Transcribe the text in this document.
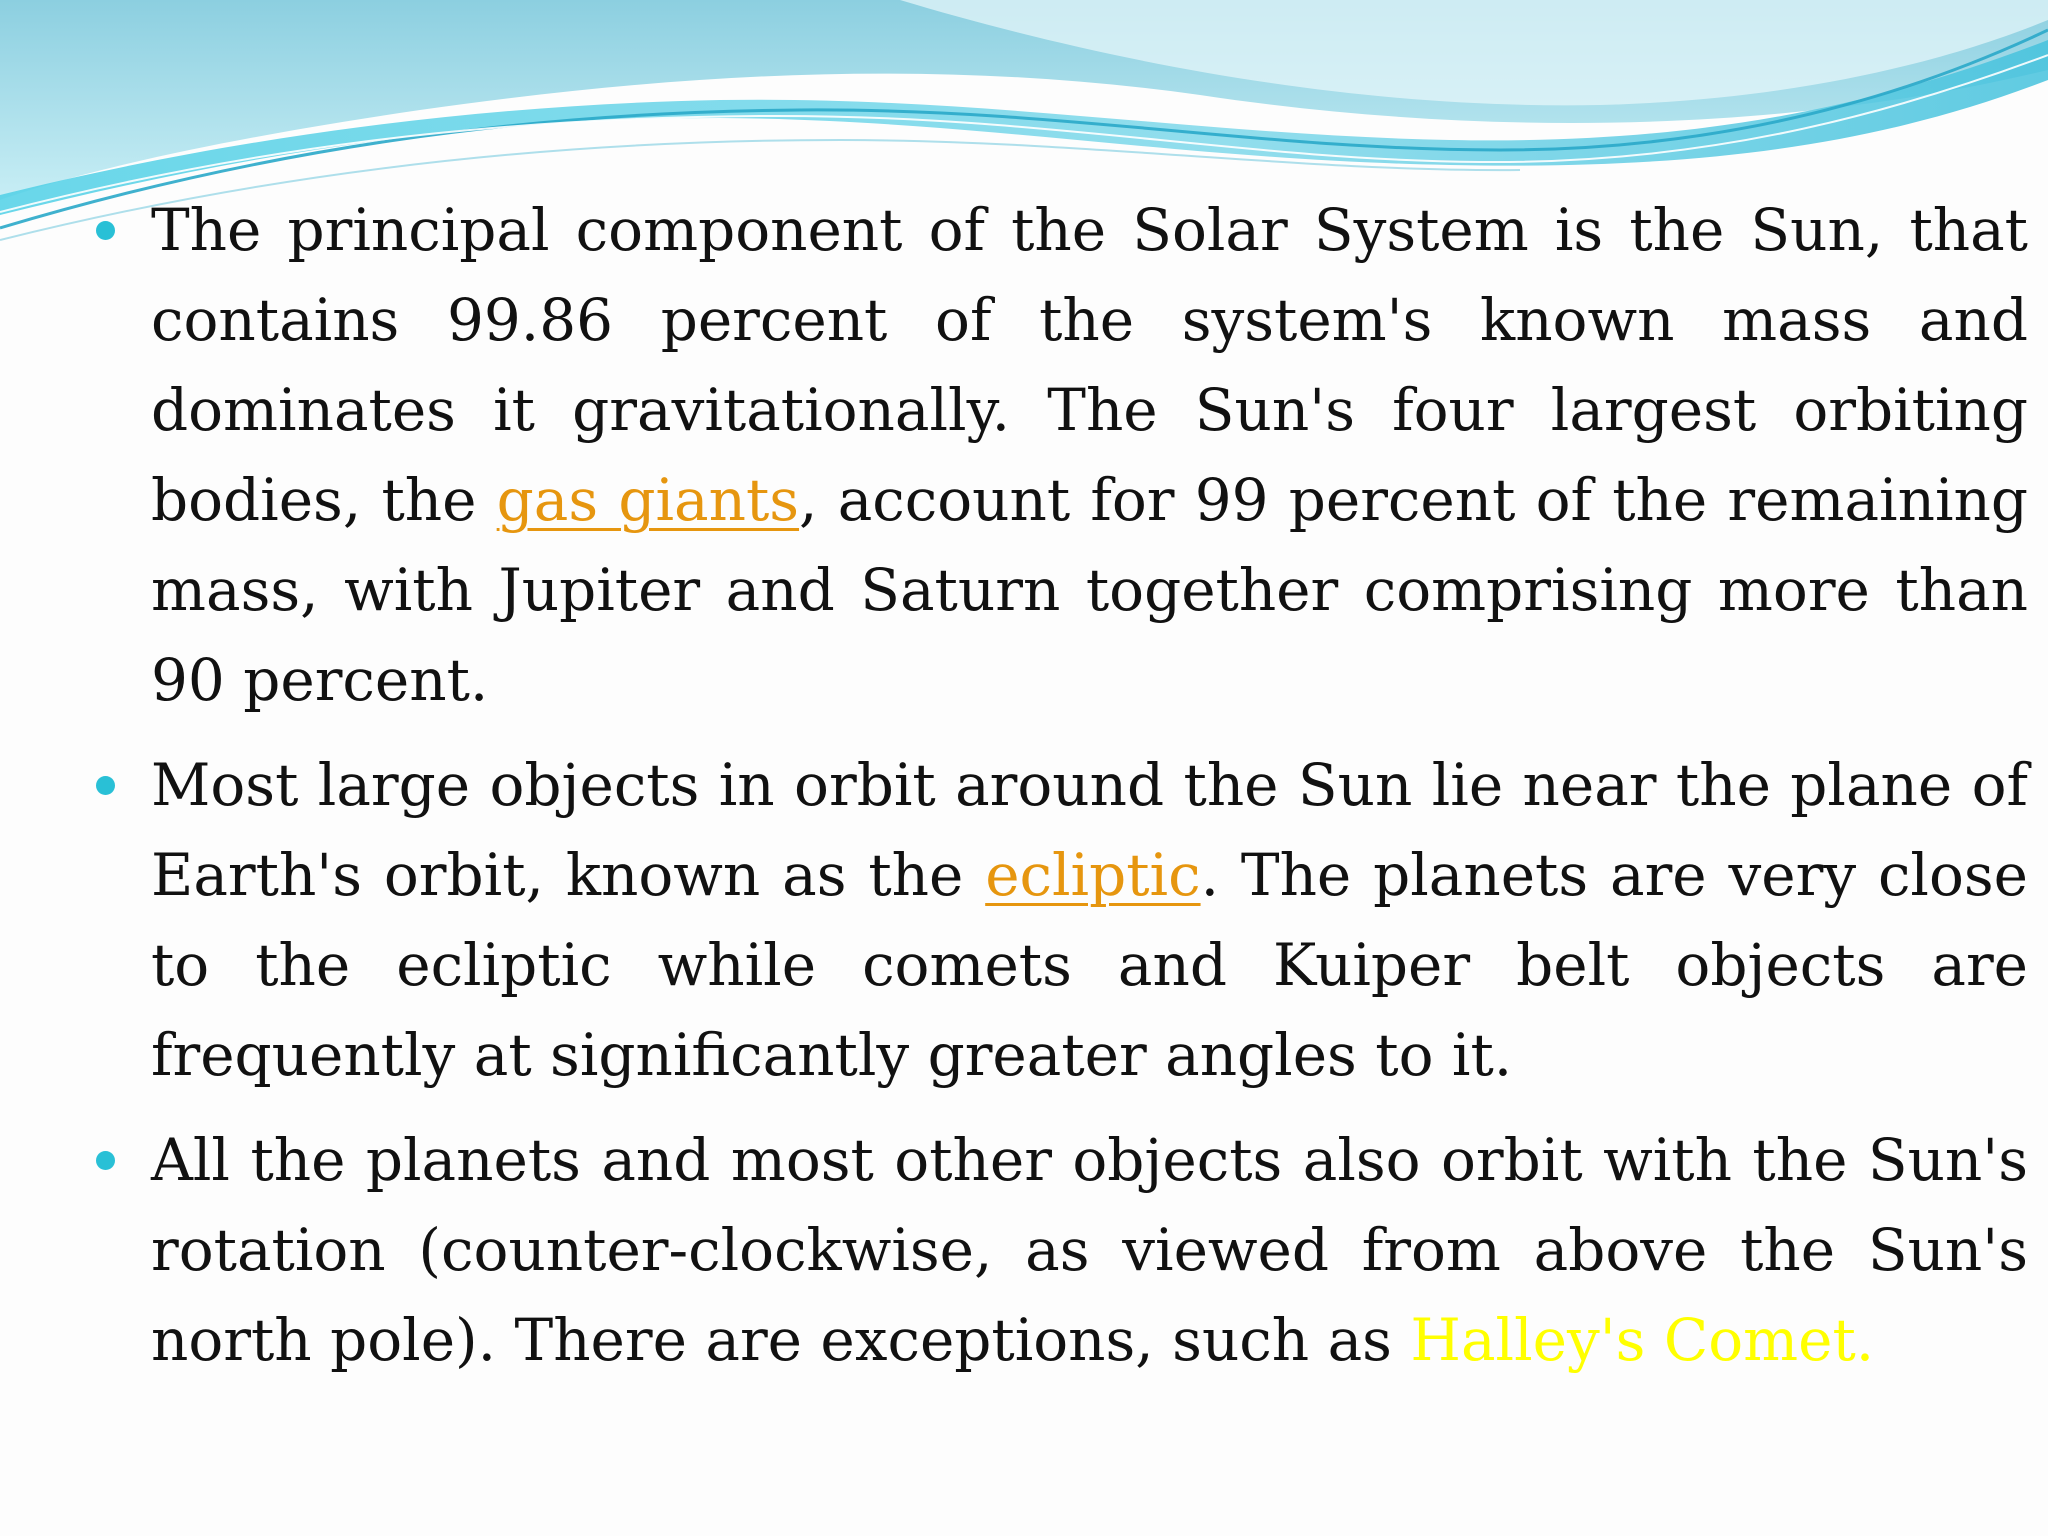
The principal component of the Solar System is the Sun, that contains 99.86 percent of the system's known mass and dominates it gravitationally. The Sun's four largest orbiting bodies, the gas giants, account for 99 percent of the remaining mass, with Jupiter and Saturn together comprising more than 90 percent.
Most large objects in orbit around the Sun lie near the plane of Earth's orbit, known as the ecliptic. The planets are very close to the ecliptic while comets and Kuiper belt objects are frequently at significantly greater angles to it.
All the planets and most other objects also orbit with the Sun's rotation (counter-clockwise, as viewed from above the Sun's north pole). There are exceptions, such as Halley's Comet.
